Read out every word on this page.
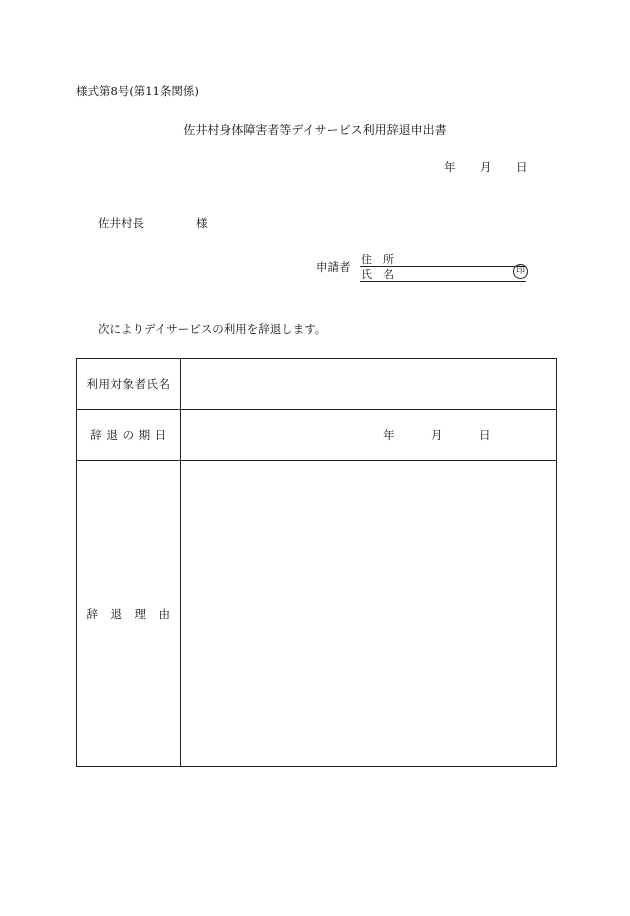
様式第8号(第11条関係)
佐井村身体障害者等デイサービス利用辞退申出書
年 月 日
佐井村長	様
申請者
住　所
氏　名	印
次によりデイサービスの利用を辞退します。
利用対象者氏名	
辞 退 の 期 日	年 月 日

辞　退　理　由	
